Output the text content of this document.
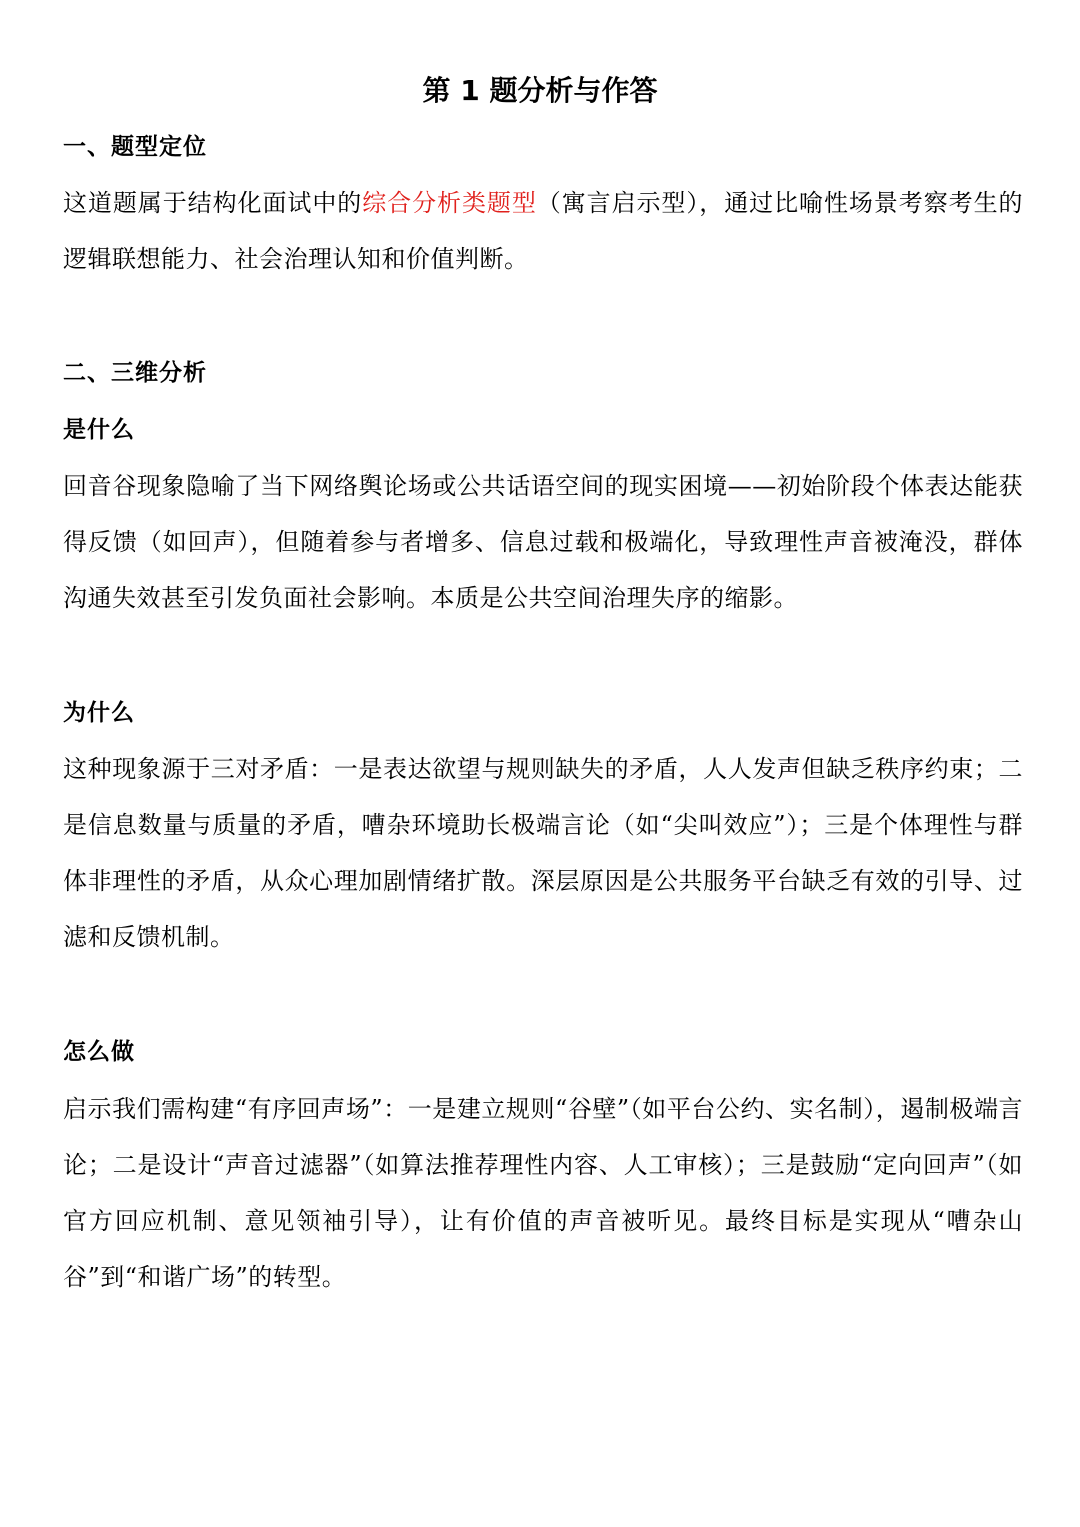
第 1 题分析与作答
一、题型定位

这道题属于结构化面试中的综合分析类题型（寓言启示型），通过比喻性场景考察考生的逻辑联想能力、社会治理认知和价值判断。

二、三维分析
是什么

回音谷现象隐喻了当下网络舆论场或公共话语空间的现实困境——初始阶段个体表达能获得反馈（如回声），但随着参与者增多、信息过载和极端化，导致理性声音被淹没，群体沟通失效甚至引发负面社会影响。本质是公共空间治理失序的缩影。

为什么

这种现象源于三对矛盾：一是表达欲望与规则缺失的矛盾，人人发声但缺乏秩序约束；二是信息数量与质量的矛盾，嘈杂环境助长极端言论（如“尖叫效应”）；三是个体理性与群体非理性的矛盾，从众心理加剧情绪扩散。深层原因是公共服务平台缺乏有效的引导、过滤和反馈机制。

怎么做

启示我们需构建“有序回声场”：一是建立规则“谷壁”（如平台公约、实名制），遏制极端言论；二是设计“声音过滤器”（如算法推荐理性内容、人工审核）；三是鼓励“定向回声”（如官方回应机制、意见领袖引导），让有价值的声音被听见。最终目标是实现从“嘈杂山谷”到“和谐广场”的转型。
